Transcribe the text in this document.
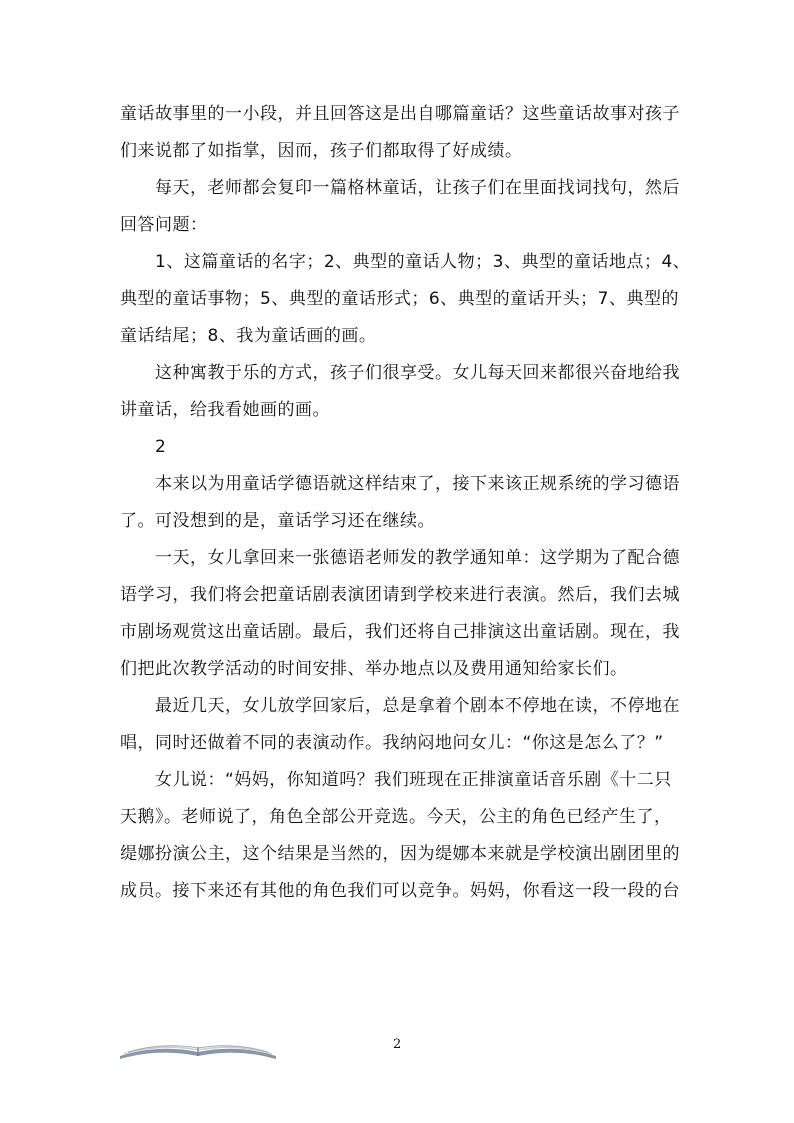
童话故事里的一小段，并且回答这是出自哪篇童话？这些童话故事对孩子
们来说都了如指掌，因而，孩子们都取得了好成绩。
　　每天，老师都会复印一篇格林童话，让孩子们在里面找词找句，然后
回答问题：
　　1、这篇童话的名字；2、典型的童话人物；3、典型的童话地点；4、
典型的童话事物；5、典型的童话形式；6、典型的童话开头；7、典型的
童话结尾；8、我为童话画的画。
　　这种寓教于乐的方式，孩子们很享受。女儿每天回来都很兴奋地给我
讲童话，给我看她画的画。
　　2
　　本来以为用童话学德语就这样结束了，接下来该正规系统的学习德语
了。可没想到的是，童话学习还在继续。
　　一天，女儿拿回来一张德语老师发的教学通知单：这学期为了配合德
语学习，我们将会把童话剧表演团请到学校来进行表演。然后，我们去城
市剧场观赏这出童话剧。最后，我们还将自己排演这出童话剧。现在，我
们把此次教学活动的时间安排、举办地点以及费用通知给家长们。
　　最近几天，女儿放学回家后，总是拿着个剧本不停地在读，不停地在
唱，同时还做着不同的表演动作。我纳闷地问女儿：“你这是怎么了？”
　　女儿说：“妈妈，你知道吗？我们班现在正排演童话音乐剧《十二只
天鹅》。老师说了，角色全部公开竞选。今天，公主的角色已经产生了，
缇娜扮演公主，这个结果是当然的，因为缇娜本来就是学校演出剧团里的
成员。接下来还有其他的角色我们可以竞争。妈妈，你看这一段一段的台
2
